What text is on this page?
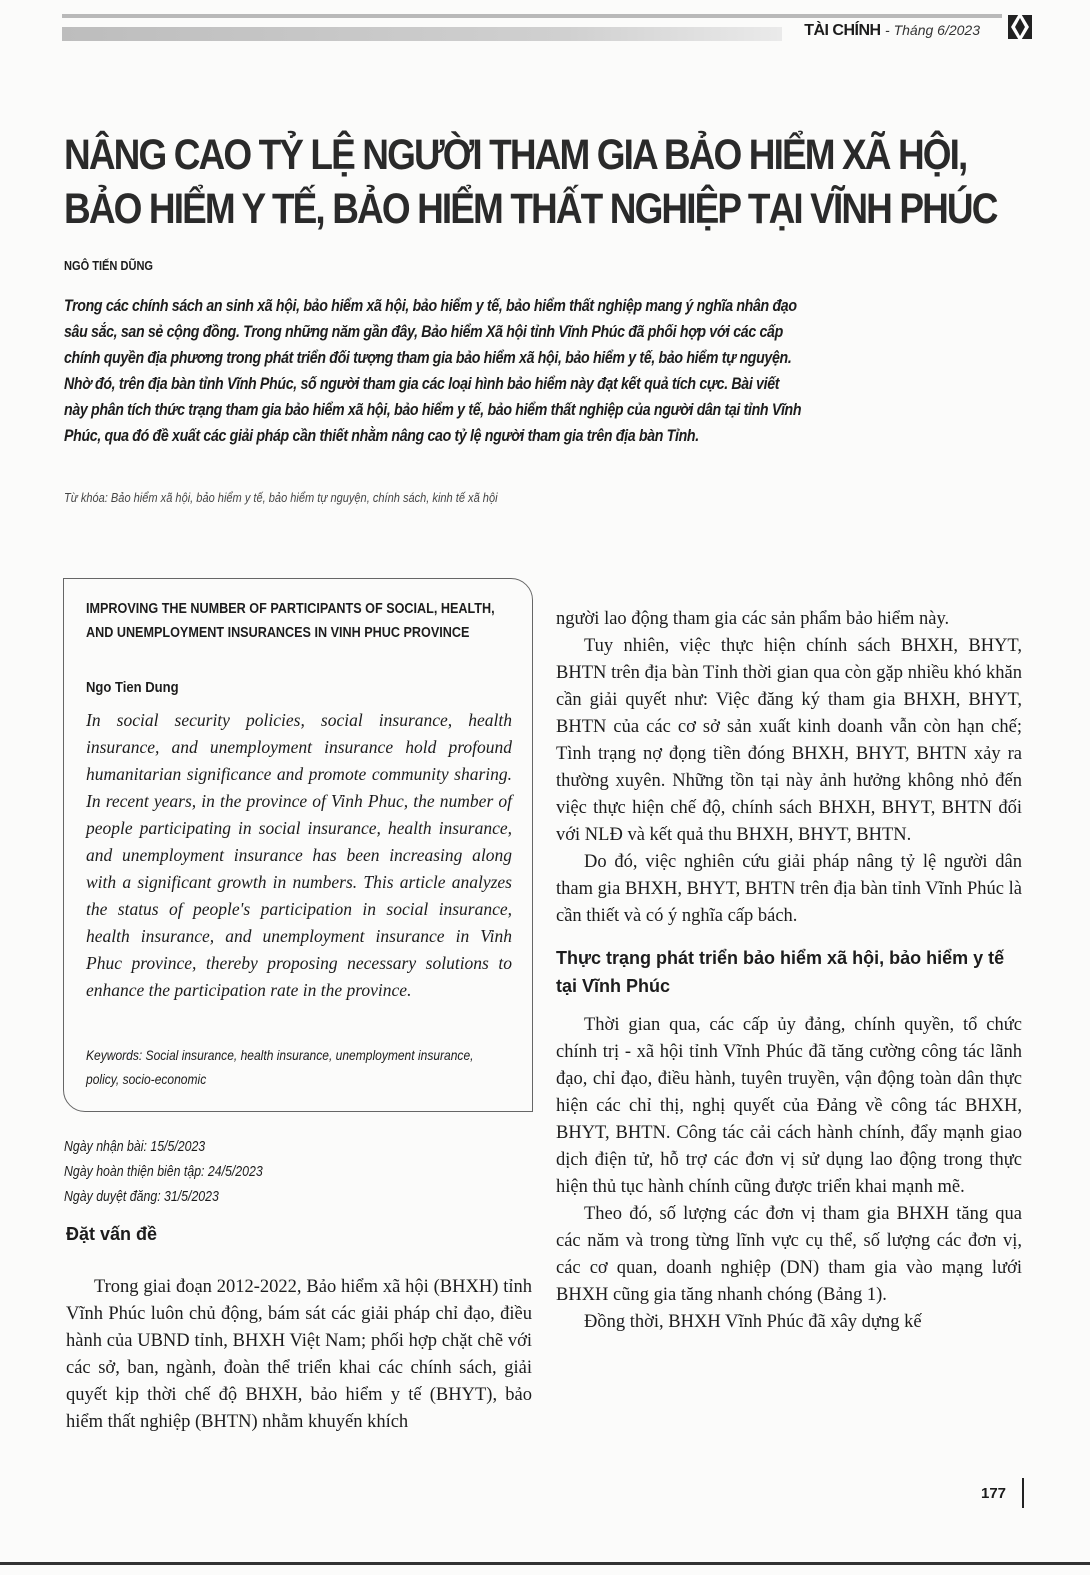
TÀI CHÍNH - Tháng 6/2023
NÂNG CAO TỶ LỆ NGƯỜI THAM GIA BẢO HIỂM XÃ HỘI,
BẢO HIỂM Y TẾ, BẢO HIỂM THẤT NGHIỆP TẠI VĨNH PHÚC
NGÔ TIẾN DŨNG

Trong các chính sách an sinh xã hội, bảo hiểm xã hội, bảo hiểm y tế, bảo hiểm thất nghiệp mang ý nghĩa nhân đạo sâu sắc, san sẻ cộng đồng. Trong những năm gần đây, Bảo hiểm Xã hội tỉnh Vĩnh Phúc đã phối hợp với các cấp chính quyền địa phương trong phát triển đối tượng tham gia bảo hiểm xã hội, bảo hiểm y tế, bảo hiểm tự nguyện. Nhờ đó, trên địa bàn tỉnh Vĩnh Phúc, số người tham gia các loại hình bảo hiểm này đạt kết quả tích cực. Bài viết này phân tích thức trạng tham gia bảo hiểm xã hội, bảo hiểm y tế, bảo hiểm thất nghiệp của người dân tại tỉnh Vĩnh Phúc, qua đó đề xuất các giải pháp cần thiết nhằm nâng cao tỷ lệ người tham gia trên địa bàn Tỉnh.

Từ khóa: Bảo hiểm xã hội, bảo hiểm y tế, bảo hiểm tự nguyện, chính sách, kinh tế xã hội
IMPROVING THE NUMBER OF PARTICIPANTS OF SOCIAL, HEALTH, AND UNEMPLOYMENT INSURANCES IN VINH PHUC PROVINCE
Ngo Tien Dung

In social security policies, social insurance, health insurance, and unemployment insurance hold profound humanitarian significance and promote community sharing. In recent years, in the province of Vinh Phuc, the number of people participating in social insurance, health insurance, and unemployment insurance has been increasing along with a significant growth in numbers. This article analyzes the status of people's participation in social insurance, health insurance, and unemployment insurance in Vinh Phuc province, thereby proposing necessary solutions to enhance the participation rate in the province.

Keywords: Social insurance, health insurance, unemployment insurance, policy, socio-economic
Ngày nhận bài: 15/5/2023
Ngày hoàn thiện biên tập: 24/5/2023
Ngày duyệt đăng: 31/5/2023

Đặt vấn đề

Trong giai đoạn 2012-2022, Bảo hiểm xã hội (BHXH) tỉnh Vĩnh Phúc luôn chủ động, bám sát các giải pháp chỉ đạo, điều hành của UBND tỉnh, BHXH Việt Nam; phối hợp chặt chẽ với các sở, ban, ngành, đoàn thể triển khai các chính sách, giải quyết kịp thời chế độ BHXH, bảo hiểm y tế (BHYT), bảo hiểm thất nghiệp (BHTN) nhằm khuyến khích

người lao động tham gia các sản phẩm bảo hiểm này.

Tuy nhiên, việc thực hiện chính sách BHXH, BHYT, BHTN trên địa bàn Tỉnh thời gian qua còn gặp nhiều khó khăn cần giải quyết như: Việc đăng ký tham gia BHXH, BHYT, BHTN của các cơ sở sản xuất kinh doanh vẫn còn hạn chế; Tình trạng nợ đọng tiền đóng BHXH, BHYT, BHTN xảy ra thường xuyên. Những tồn tại này ảnh hưởng không nhỏ đến việc thực hiện chế độ, chính sách BHXH, BHYT, BHTN đối với NLĐ và kết quả thu BHXH, BHYT, BHTN.

Do đó, việc nghiên cứu giải pháp nâng tỷ lệ người dân tham gia BHXH, BHYT, BHTN trên địa bàn tỉnh Vĩnh Phúc là cần thiết và có ý nghĩa cấp bách.

Thực trạng phát triển bảo hiểm xã hội, bảo hiểm y tế tại Vĩnh Phúc

Thời gian qua, các cấp ủy đảng, chính quyền, tổ chức chính trị - xã hội tỉnh Vĩnh Phúc đã tăng cường công tác lãnh đạo, chỉ đạo, điều hành, tuyên truyền, vận động toàn dân thực hiện các chỉ thị, nghị quyết của Đảng về công tác BHXH, BHYT, BHTN. Công tác cải cách hành chính, đẩy mạnh giao dịch điện tử, hỗ trợ các đơn vị sử dụng lao động trong thực hiện thủ tục hành chính cũng được triển khai mạnh mẽ.

Theo đó, số lượng các đơn vị tham gia BHXH tăng qua các năm và trong từng lĩnh vực cụ thể, số lượng các đơn vị, các cơ quan, doanh nghiệp (DN) tham gia vào mạng lưới BHXH cũng gia tăng nhanh chóng (Bảng 1).

Đồng thời, BHXH Vĩnh Phúc đã xây dựng kế

177
